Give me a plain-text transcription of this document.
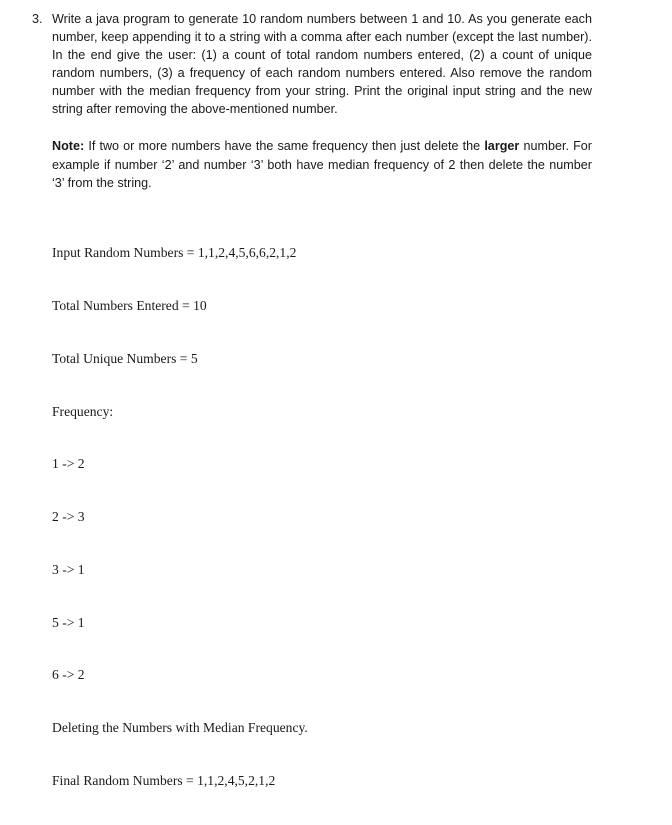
3. Write a java program to generate 10 random numbers between 1 and 10. As you generate each number, keep appending it to a string with a comma after each number (except the last number). In the end give the user: (1) a count of total random numbers entered, (2) a count of unique random numbers, (3) a frequency of each random numbers entered. Also remove the random number with the median frequency from your string. Print the original input string and the new string after removing the above-mentioned number.
Note: If two or more numbers have the same frequency then just delete the larger number. For example if number ‘2’ and number ‘3’ both have median frequency of 2 then delete the number ‘3’ from the string.

Input Random Numbers = 1,1,2,4,5,6,6,2,1,2

Total Numbers Entered = 10

Total Unique Numbers = 5

Frequency:

1 -> 2

2 -> 3

3 -> 1

5 -> 1

6 -> 2

Deleting the Numbers with Median Frequency.

Final Random Numbers = 1,1,2,4,5,2,1,2
